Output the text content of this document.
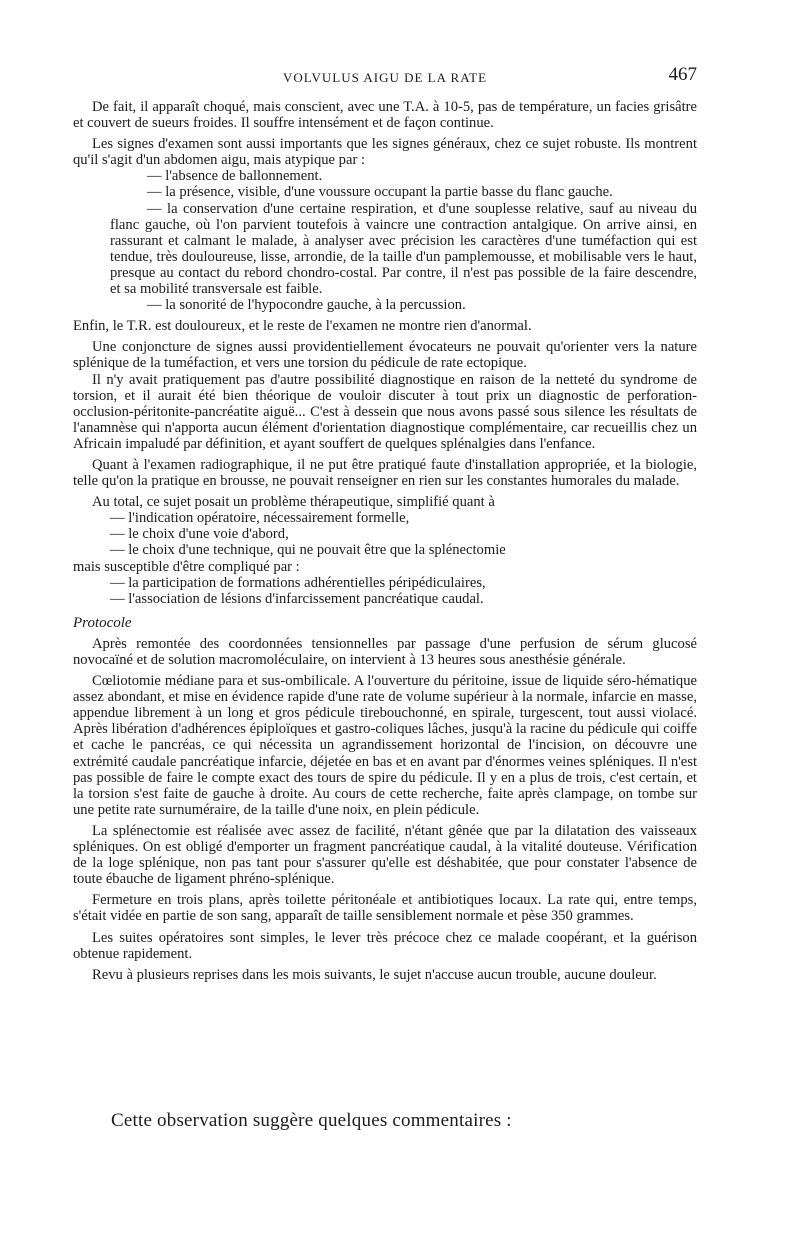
VOLVULUS AIGU DE LA RATE	467

De fait, il apparaît choqué, mais conscient, avec une T.A. à 10-5, pas de température, un facies grisâtre et couvert de sueurs froides. Il souffre intensément et de façon continue.

Les signes d'examen sont aussi importants que les signes généraux, chez ce sujet robuste. Ils montrent qu'il s'agit d'un abdomen aigu, mais atypique par :

— l'absence de ballonnement.

— la présence, visible, d'une voussure occupant la partie basse du flanc gauche.

— la conservation d'une certaine respiration, et d'une souplesse relative, sauf au niveau du flanc gauche, où l'on parvient toutefois à vaincre une contraction antalgique. On arrive ainsi, en rassurant et calmant le malade, à analyser avec précision les caractères d'une tuméfaction qui est tendue, très douloureuse, lisse, arrondie, de la taille d'un pamplemousse, et mobilisable vers le haut, presque au contact du rebord chondro-costal. Par contre, il n'est pas possible de la faire descendre, et sa mobilité transversale est faible.

— la sonorité de l'hypocondre gauche, à la percussion.

Enfin, le T.R. est douloureux, et le reste de l'examen ne montre rien d'anormal.

Une conjoncture de signes aussi providentiellement évocateurs ne pouvait qu'orienter vers la nature splénique de la tuméfaction, et vers une torsion du pédicule de rate ectopique.

Il n'y avait pratiquement pas d'autre possibilité diagnostique en raison de la netteté du syndrome de torsion, et il aurait été bien théorique de vouloir discuter à tout prix un diagnostic de perforation-occlusion-péritonite-pancréatite aiguë... C'est à dessein que nous avons passé sous silence les résultats de l'anamnèse qui n'apporta aucun élément d'orientation diagnostique complémentaire, car recueillis chez un Africain impaludé par définition, et ayant souffert de quelques splénalgies dans l'enfance.

Quant à l'examen radiographique, il ne put être pratiqué faute d'installation appropriée, et la biologie, telle qu'on la pratique en brousse, ne pouvait renseigner en rien sur les constantes humorales du malade.

Au total, ce sujet posait un problème thérapeutique, simplifié quant à

— l'indication opératoire, nécessairement formelle,

— le choix d'une voie d'abord,

— le choix d'une technique, qui ne pouvait être que la splénectomie

mais susceptible d'être compliqué par :

— la participation de formations adhérentielles péripédiculaires,

— l'association de lésions d'infarcissement pancréatique caudal.

Protocole

Après remontée des coordonnées tensionnelles par passage d'une perfusion de sérum glucosé novocaïné et de solution macromoléculaire, on intervient à 13 heures sous anesthésie générale.

Cœliotomie médiane para et sus-ombilicale. A l'ouverture du péritoine, issue de liquide séro-hématique assez abondant, et mise en évidence rapide d'une rate de volume supérieur à la normale, infarcie en masse, appendue librement à un long et gros pédicule tirebouchonné, en spirale, turgescent, tout aussi violacé. Après libération d'adhérences épiploïques et gastro-coliques lâches, jusqu'à la racine du pédicule qui coiffe et cache le pancréas, ce qui nécessita un agrandissement horizontal de l'incision, on découvre une extrémité caudale pancréatique infarcie, déjetée en bas et en avant par d'énormes veines spléniques. Il n'est pas possible de faire le compte exact des tours de spire du pédicule. Il y en a plus de trois, c'est certain, et la torsion s'est faite de gauche à droite. Au cours de cette recherche, faite après clampage, on tombe sur une petite rate surnuméraire, de la taille d'une noix, en plein pédicule.

La splénectomie est réalisée avec assez de facilité, n'étant gênée que par la dilatation des vaisseaux spléniques. On est obligé d'emporter un fragment pancréatique caudal, à la vitalité douteuse. Vérification de la loge splénique, non pas tant pour s'assurer qu'elle est déshabitée, que pour constater l'absence de toute ébauche de ligament phréno-splénique.

Fermeture en trois plans, après toilette péritonéale et antibiotiques locaux. La rate qui, entre temps, s'était vidée en partie de son sang, apparaît de taille sensiblement normale et pèse 350 grammes.

Les suites opératoires sont simples, le lever très précoce chez ce malade coopérant, et la guérison obtenue rapidement.

Revu à plusieurs reprises dans les mois suivants, le sujet n'accuse aucun trouble, aucune douleur.

Cette observation suggère quelques commentaires :
